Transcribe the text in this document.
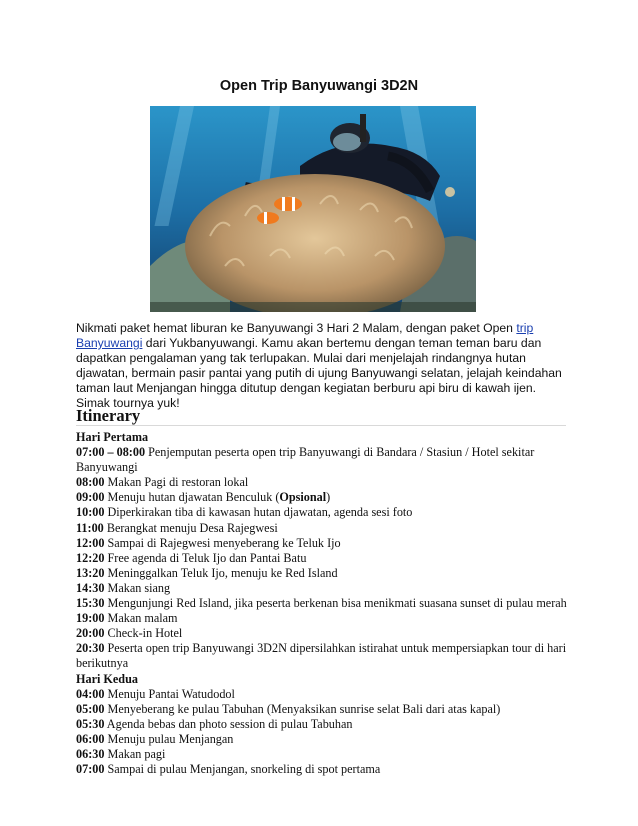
Open Trip Banyuwangi 3D2N
Nikmati paket hemat liburan ke Banyuwangi 3 Hari 2 Malam, dengan paket Open trip
Banyuwangi dari Yukbanyuwangi. Kamu akan bertemu dengan teman teman baru dan
dapatkan pengalaman yang tak terlupakan. Mulai dari menjelajah rindangnya hutan
djawatan, bermain pasir pantai yang putih di ujung Banyuwangi selatan, jelajah keindahan
taman laut Menjangan hingga ditutup dengan kegiatan berburu api biru di kawah ijen.
Simak tournya yuk!
Itinerary
Hari Pertama
07:00 – 08:00 Penjemputan peserta open trip Banyuwangi di Bandara / Stasiun / Hotel sekitar
Banyuwangi
08:00 Makan Pagi di restoran lokal
09:00 Menuju hutan djawatan Benculuk (Opsional)
10:00 Diperkirakan tiba di kawasan hutan djawatan, agenda sesi foto
11:00 Berangkat menuju Desa Rajegwesi
12:00 Sampai di Rajegwesi menyeberang ke Teluk Ijo
12:20 Free agenda di Teluk Ijo dan Pantai Batu
13:20 Meninggalkan Teluk Ijo, menuju ke Red Island
14:30 Makan siang
15:30 Mengunjungi Red Island, jika peserta berkenan bisa menikmati suasana sunset di pulau merah
19:00 Makan malam
20:00 Check-in Hotel
20:30 Peserta open trip Banyuwangi 3D2N dipersilahkan istirahat untuk mempersiapkan tour di hari
berikutnya
Hari Kedua
04:00 Menuju Pantai Watudodol
05:00 Menyeberang ke pulau Tabuhan (Menyaksikan sunrise selat Bali dari atas kapal)
05:30 Agenda bebas dan photo session di pulau Tabuhan
06:00 Menuju pulau Menjangan
06:30 Makan pagi
07:00 Sampai di pulau Menjangan, snorkeling di spot pertama
